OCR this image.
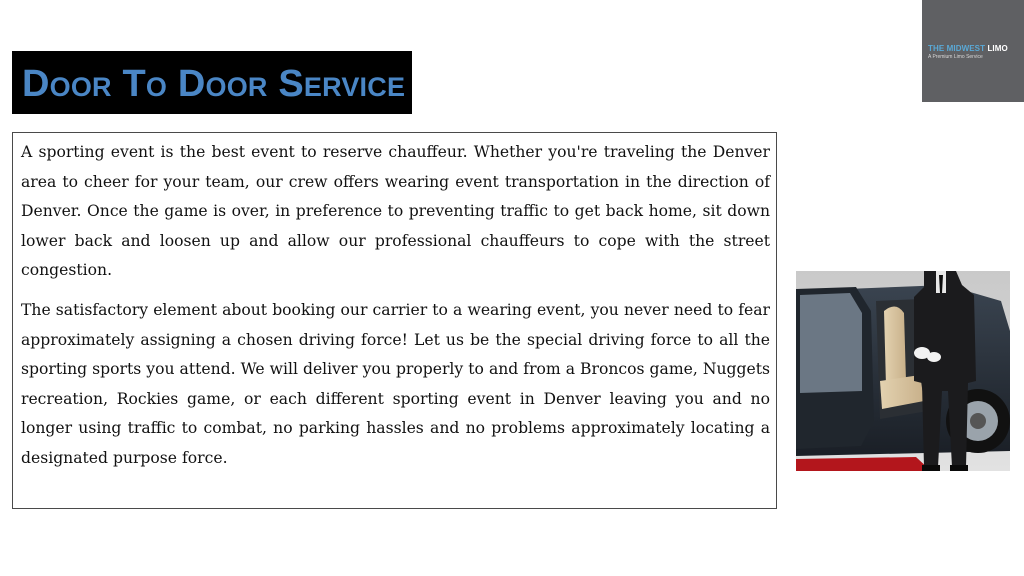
THE MIDWEST LIMO
A Premium Limo Service
Door To Door Service

A sporting event is the best event to reserve chauffeur. Whether you're traveling the Denver area to cheer for your team, our crew offers wearing event transportation in the direction of Denver. Once the game is over, in preference to preventing traffic to get back home, sit down lower back and loosen up and allow our professional chauffeurs to cope with the street congestion.

The satisfactory element about booking our carrier to a wearing event, you never need to fear approximately assigning a chosen driving force! Let us be the special driving force to all the sporting sports you attend. We will deliver you properly to and from a Broncos game, Nuggets recreation, Rockies game, or each different sporting event in Denver leaving you and no longer using traffic to combat, no parking hassles and no problems approximately locating a designated purpose force.
